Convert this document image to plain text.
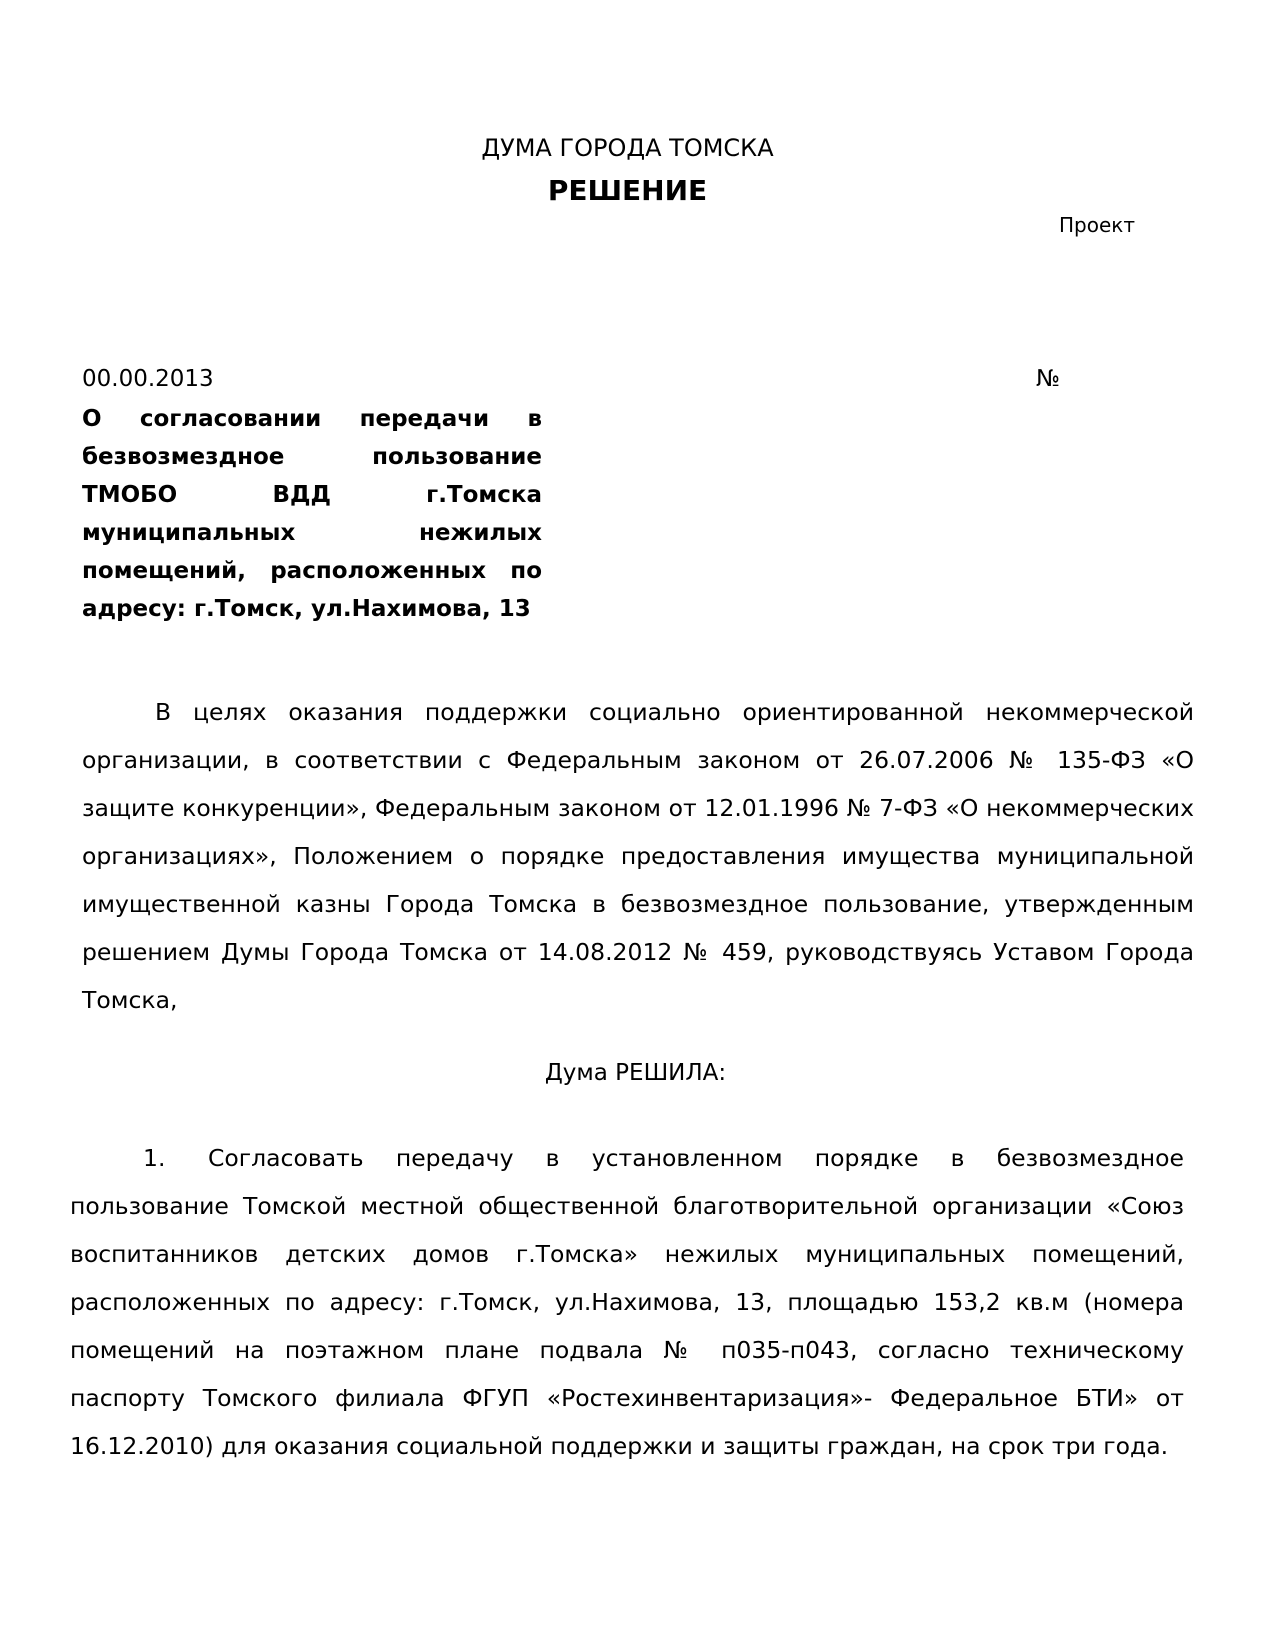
ДУМА ГОРОДА ТОМСКА
РЕШЕНИЕ
Проект
00.00.2013	№
О согласовании передачи в безвозмездное пользование ТМОБО ВДД г.Томска муниципальных нежилых помещений, расположенных по адресу: г.Томск, ул.Нахимова, 13

В целях оказания поддержки социально ориентированной некоммерческой организации, в соответствии с Федеральным законом от 26.07.2006 № 135-ФЗ «О защите конкуренции», Федеральным законом от 12.01.1996 № 7-ФЗ «О некоммерческих организациях», Положением о порядке предоставления имущества муниципальной имущественной казны Города Томска в безвозмездное пользование, утвержденным решением Думы Города Томска от 14.08.2012 № 459, руководствуясь Уставом Города Томска,

Дума РЕШИЛА:

1. Согласовать передачу в установленном порядке в безвозмездное пользование Томской местной общественной благотворительной организации «Союз воспитанников детских домов г.Томска» нежилых муниципальных помещений, расположенных по адресу: г.Томск, ул.Нахимова, 13, площадью 153,2 кв.м (номера помещений на поэтажном плане подвала № п035-п043, согласно техническому паспорту Томского филиала ФГУП «Ростехинвентаризация»- Федеральное БТИ» от 16.12.2010) для оказания социальной поддержки и защиты граждан, на срок три года.
